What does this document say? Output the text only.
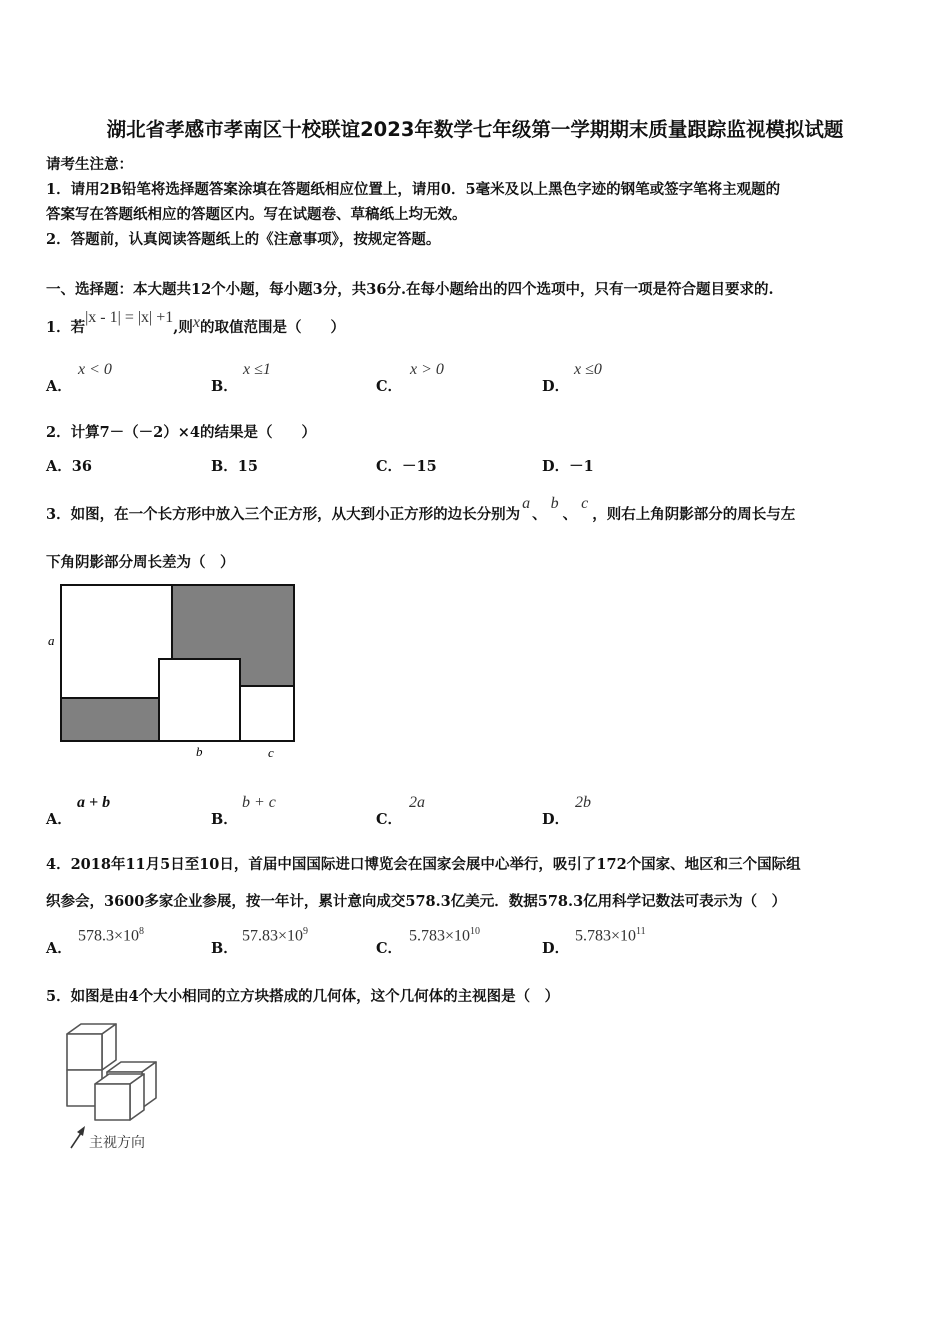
湖北省孝感市孝南区十校联谊2023年数学七年级第一学期期末质量跟踪监视模拟试题
请考生注意：
1．请用2B铅笔将选择题答案涂填在答题纸相应位置上，请用0．5毫米及以上黑色字迹的钢笔或签字笔将主观题的
答案写在答题纸相应的答题区内。写在试题卷、草稿纸上均无效。
2．答题前，认真阅读答题纸上的《注意事项》，按规定答题。
一、选择题：本大题共12个小题，每小题3分，共36分.在每小题给出的四个选项中，只有一项是符合题目要求的.
1．若|x - 1| = |x| +1,则x的取值范围是（　　）
A．
x < 0
B．
x ≤1
C．
x > 0
D．
x ≤0
2．计算7－（－2）×4的结果是（　　）
A．36	B．15	C．－15	D．－1
3．如图，在一个长方形中放入三个正方形，从大到小正方形的边长分别为a、b、c，则右上角阴影部分的周长与左
下角阴影部分周长差为（　）
a
b	c
A．
a + b
B．
b + c
C．
2a
D．
2b
4．2018年11月5日至10日，首届中国国际进口博览会在国家会展中心举行，吸引了172个国家、地区和三个国际组
织参会，3600多家企业参展，按一年计，累计意向成交578.3亿美元．数据578.3亿用科学记数法可表示为（　）
A．
$578.3\times 10^8$
B．
$57.83\times 10^9$
C．
$5.783\times 10^{10}$
D．
$5.783\times 10^{11}$
5．如图是由4个大小相同的立方块搭成的几何体，这个几何体的主视图是（　）
主视方向
